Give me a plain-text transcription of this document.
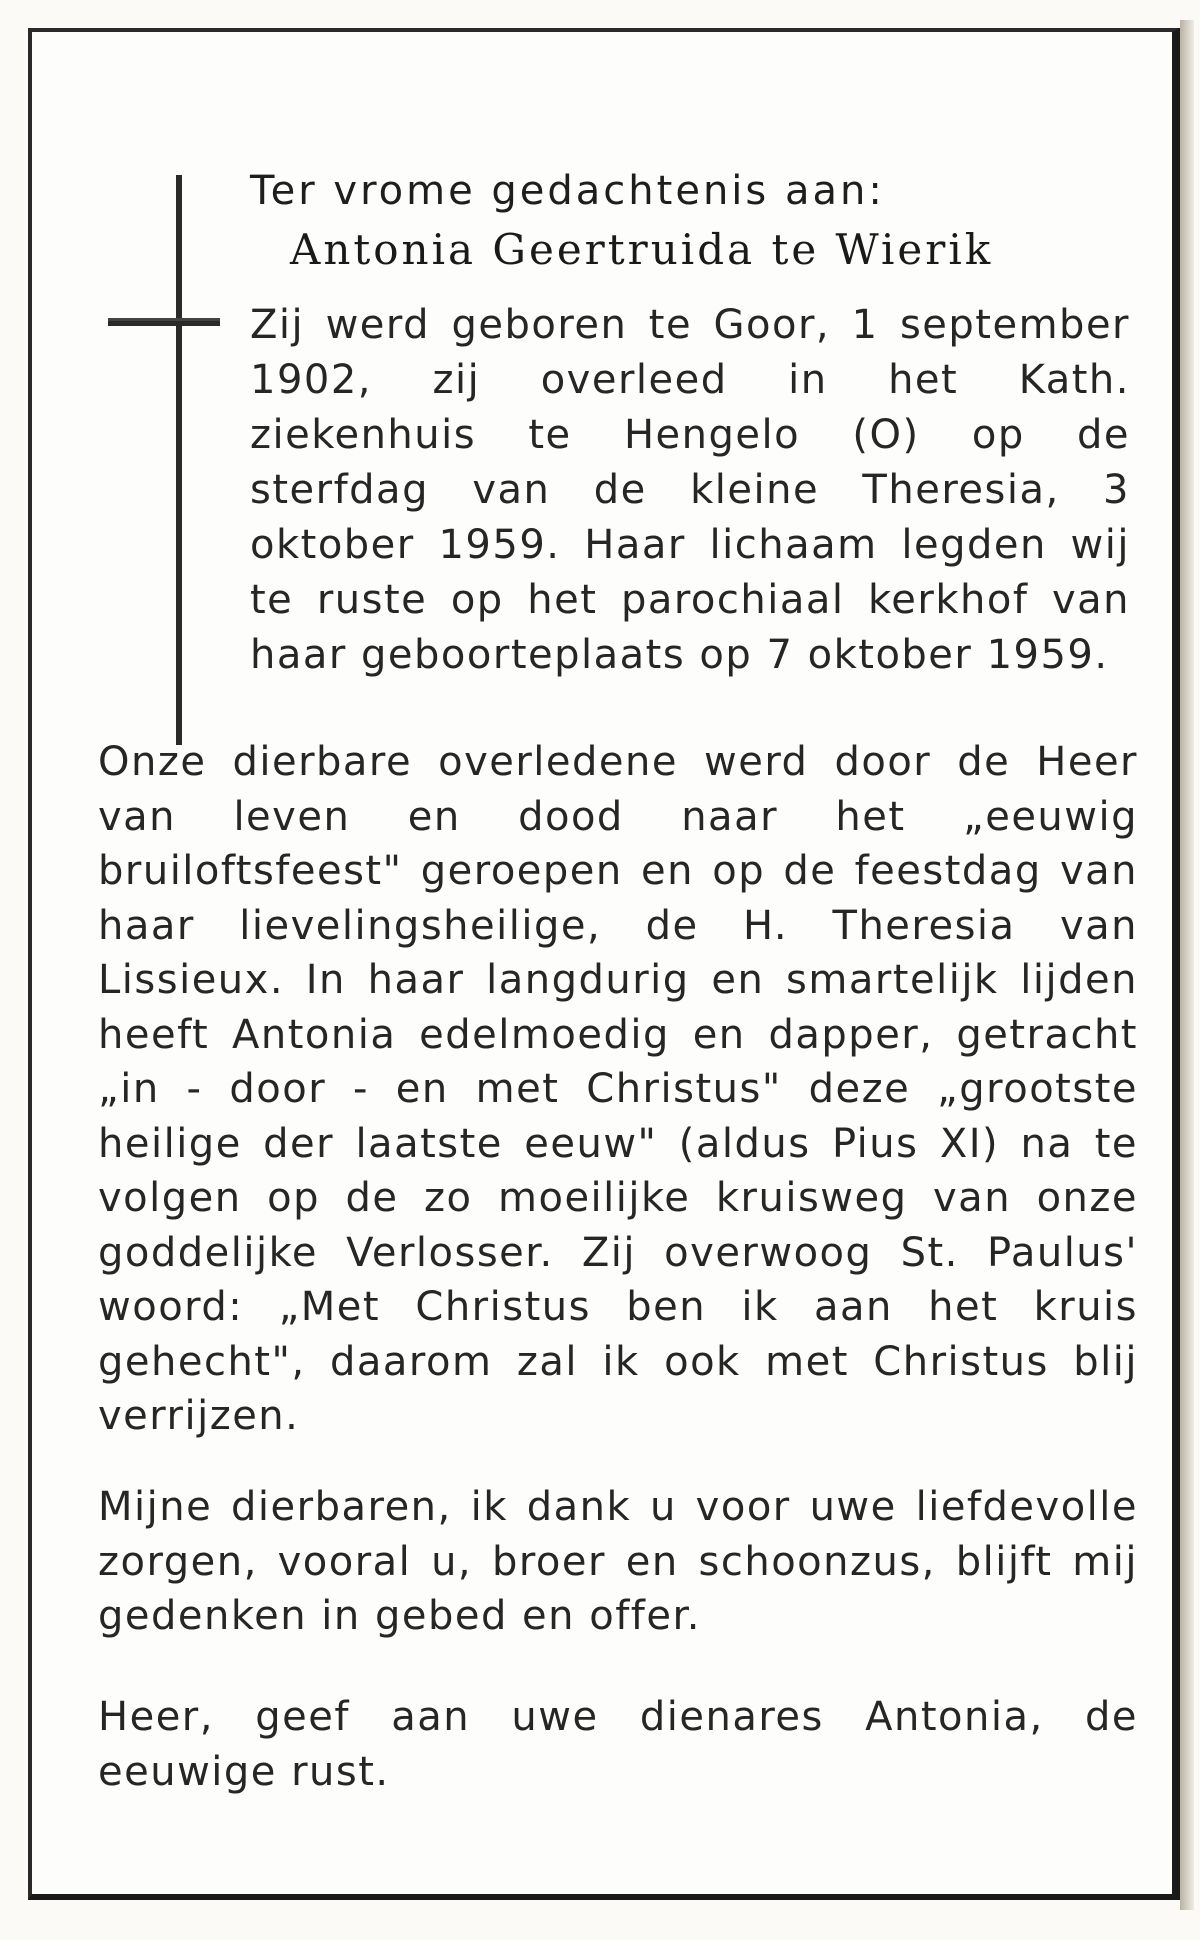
Ter vrome gedachtenis aan:
Antonia Geertruida te Wierik
Zij werd geboren te Goor, 1 september 1902, zij overleed in het Kath. ziekenhuis te Hengelo (O) op de sterfdag van de kleine Theresia, 3 oktober 1959. Haar lichaam legden wij te ruste op het parochiaal kerkhof van haar geboorteplaats op 7 oktober 1959.
Onze dierbare overledene werd door de Heer van leven en dood naar het „eeuwig bruiloftsfeest" geroepen en op de feestdag van haar lievelingsheilige, de H. Theresia van Lissieux. In haar langdurig en smartelijk lijden heeft Antonia edelmoedig en dapper, getracht „in - door - en met Christus" deze „grootste heilige der laatste eeuw" (aldus Pius XI) na te volgen op de zo moeilijke kruisweg van onze goddelijke Verlosser. Zij overwoog St. Paulus' woord: „Met Christus ben ik aan het kruis gehecht", daarom zal ik ook met Christus blij verrijzen.
Mijne dierbaren, ik dank u voor uwe liefdevolle zorgen, vooral u, broer en schoonzus, blijft mij gedenken in gebed en offer.
Heer, geef aan uwe dienares Antonia, de eeuwige rust.
